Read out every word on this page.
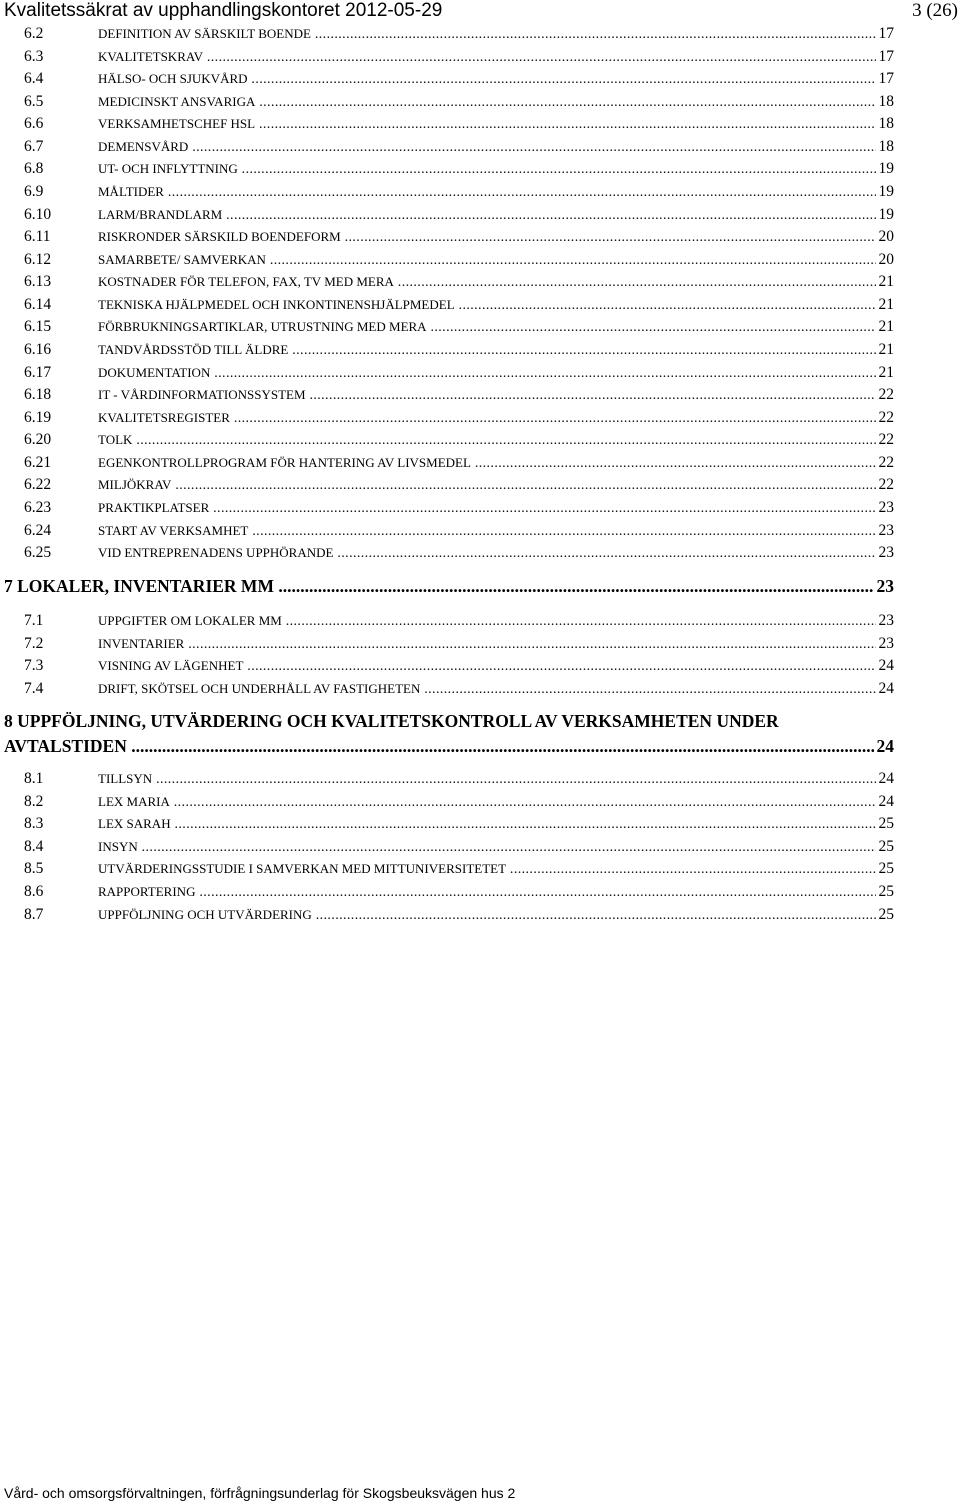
Kvalitetssäkrat av upphandlingskontoret 2012-05-29	3 (26)
6.2	DEFINITION AV SÄRSKILT BOENDE .....	17
6.3	KVALITETSKRAV .....	17
6.4	HÄLSO- OCH SJUKVÅRD .....	17
6.5	MEDICINSKT ANSVARIGA .....	18
6.6	VERKSAMHETSCHEF HSL .....	18
6.7	DEMENSVÅRD .....	18
6.8	UT- OCH INFLYTTNING .....	19
6.9	MÅLTIDER .....	19
6.10	LARM/BRANDLARM .....	19
6.11	RISKRONDER SÄRSKILD BOENDEFORM .....	20
6.12	SAMARBETE/ SAMVERKAN .....	20
6.13	KOSTNADER FÖR TELEFON, FAX, TV MED MERA .....	21
6.14	TEKNISKA HJÄLPMEDEL OCH INKONTINENSHJÄLPMEDEL .....	21
6.15	FÖRBRUKNINGSARTIKLAR, UTRUSTNING MED MERA .....	21
6.16	TANDVÅRDSSTÖD TILL ÄLDRE .....	21
6.17	DOKUMENTATION .....	21
6.18	IT - VÅRDINFORMATIONSSYSTEM .....	22
6.19	KVALITETSREGISTER .....	22
6.20	TOLK .....	22
6.21	EGENKONTROLLPROGRAM FÖR HANTERING AV LIVSMEDEL .....	22
6.22	MILJÖKRAV .....	22
6.23	PRAKTIKPLATSER .....	23
6.24	START AV VERKSAMHET .....	23
6.25	VID ENTREPRENADENS UPPHÖRANDE .....	23
7 LOKALER, INVENTARIER MM	23
.....
7.1	UPPGIFTER OM LOKALER MM .....	23
7.2	INVENTARIER .....	23
7.3	VISNING AV LÄGENHET .....	24
7.4	DRIFT, SKÖTSEL OCH UNDERHÅLL AV FASTIGHETEN .....	24
8 UPPFÖLJNING, UTVÄRDERING OCH KVALITETSKONTROLL AV VERKSAMHETEN UNDER
AVTALSTIDEN .....	24
8.1	TILLSYN .....	24
8.2	LEX MARIA .....	24
8.3	LEX SARAH .....	25
8.4	INSYN .....	25
8.5	UTVÄRDERINGSSTUDIE I SAMVERKAN MED MITTUNIVERSITETET .....	25
8.6	RAPPORTERING .....	25
8.7	UPPFÖLJNING OCH UTVÄRDERING .....	25
Vård- och omsorgsförvaltningen, förfrågningsunderlag för Skogsbeuksvägen hus 2
